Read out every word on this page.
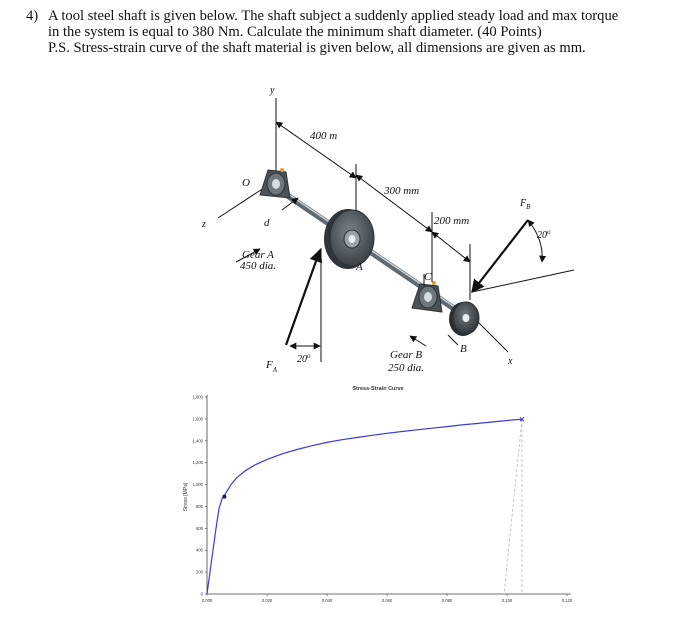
4) A tool steel shaft is given below. The shaft subject a suddenly applied steady load and max torque
in the system is equal to 380 Nm. Calculate the minimum shaft diameter. (40 Points)
P.S. Stress-strain curve of the shaft material is given below, all dimensions are given as mm.
y
x
z
O
d
400 m
300 mm
200 mm
Gear A
450 dia.	A
C
B
Gear B
250 dia.
$F_A$
$F_B$
20$^o$
20$^o$
Stress-Strain Curve
Stress [MPa]
0
200
400
600
800
1,000
1,200
1,400
1,600
1,800
0.000	0.020	0.040	0.060	0.080	0.100	0.120
